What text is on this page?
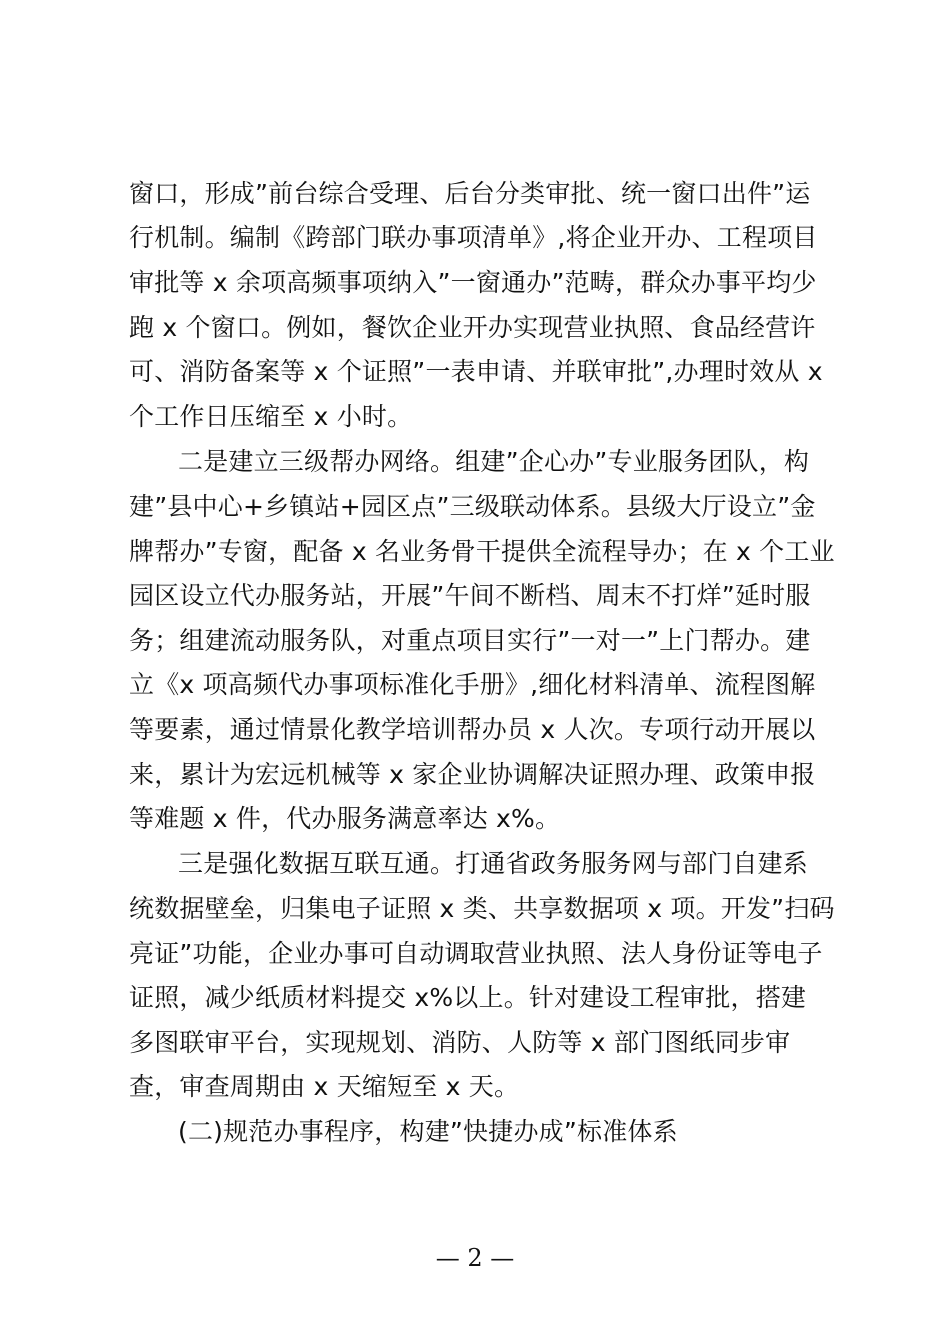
窗口，形成”前台综合受理、后台分类审批、统一窗口出件”运
行机制。编制《跨部门联办事项清单》,将企业开办、工程项目
审批等 x 余项高频事项纳入”一窗通办”范畴，群众办事平均少
跑 x 个窗口。例如，餐饮企业开办实现营业执照、食品经营许
可、消防备案等 x 个证照”一表申请、并联审批”,办理时效从 x
个工作日压缩至 x 小时。
二是建立三级帮办网络。组建”企心办”专业服务团队，构
建”县中心+乡镇站+园区点”三级联动体系。县级大厅设立”金
牌帮办”专窗，配备 x 名业务骨干提供全流程导办；在 x 个工业
园区设立代办服务站，开展”午间不断档、周末不打烊”延时服
务；组建流动服务队，对重点项目实行”一对一”上门帮办。建
立《x 项高频代办事项标准化手册》,细化材料清单、流程图解
等要素，通过情景化教学培训帮办员 x 人次。专项行动开展以
来，累计为宏远机械等 x 家企业协调解决证照办理、政策申报
等难题 x 件，代办服务满意率达 x%。
三是强化数据互联互通。打通省政务服务网与部门自建系
统数据壁垒，归集电子证照 x 类、共享数据项 x 项。开发”扫码
亮证”功能，企业办事可自动调取营业执照、法人身份证等电子
证照，减少纸质材料提交 x%以上。针对建设工程审批，搭建
多图联审平台，实现规划、消防、人防等 x 部门图纸同步审
查，审查周期由 x 天缩短至 x 天。
(二)规范办事程序，构建”快捷办成”标准体系
— 2 —
